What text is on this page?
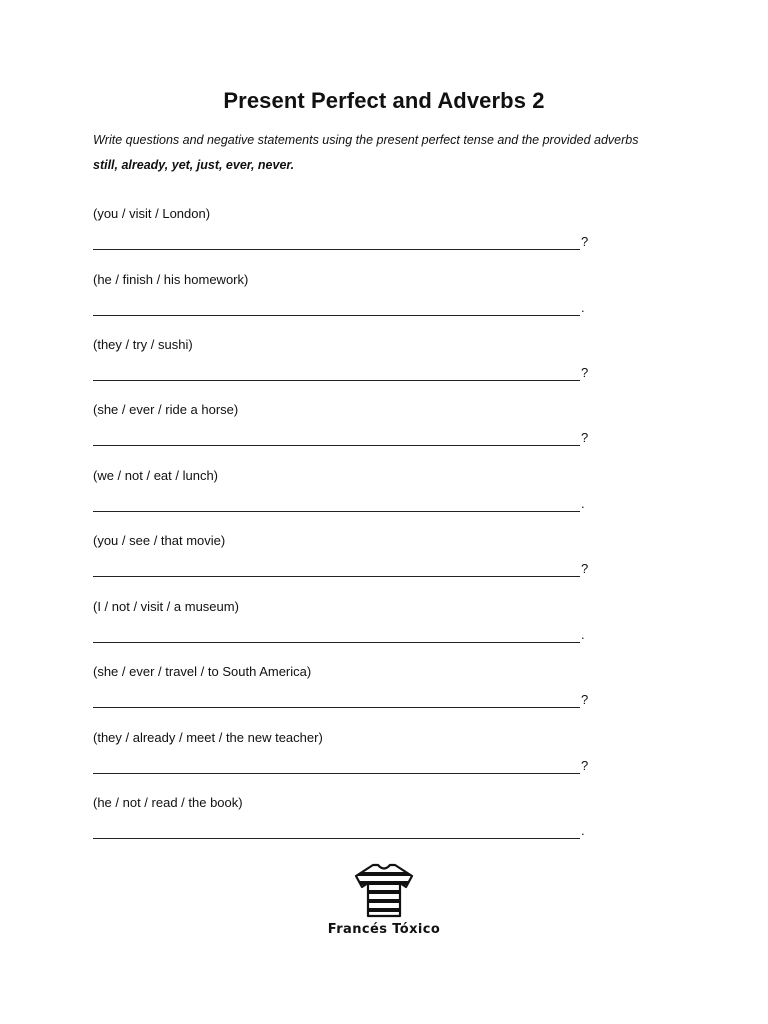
Present Perfect and Adverbs 2
Write questions and negative statements using the present perfect tense and the provided adverbs
still, already, yet, just, ever, never.
(you / visit / London)
?
(he / finish / his homework)
.
(they / try / sushi)
?
(she / ever / ride a horse)
?
(we / not / eat / lunch)
.
(you / see / that movie)
?
(I / not / visit / a museum)
.
(she / ever / travel / to South America)
?
(they / already / meet / the new teacher)
?
(he / not / read / the book)
.
Francés Tóxico
